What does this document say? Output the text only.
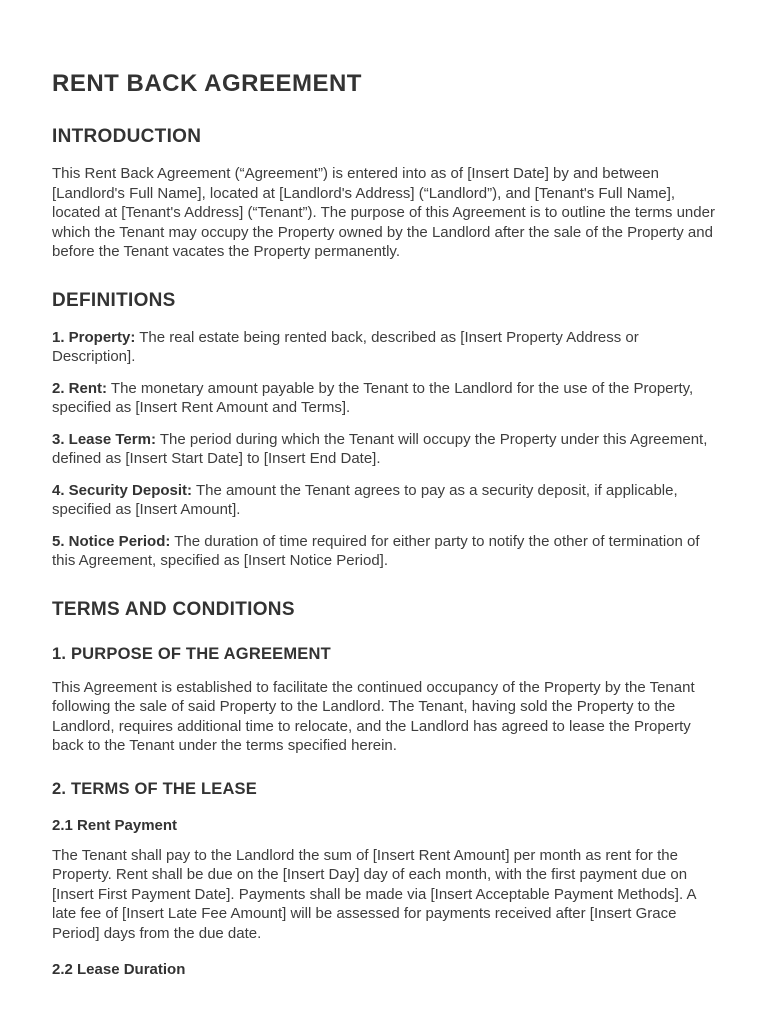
RENT BACK AGREEMENT
INTRODUCTION

This Rent Back Agreement (“Agreement”) is entered into as of [Insert Date] by and between [Landlord's Full Name], located at [Landlord's Address] (“Landlord”), and [Tenant's Full Name], located at [Tenant's Address] (“Tenant”). The purpose of this Agreement is to outline the terms under which the Tenant may occupy the Property owned by the Landlord after the sale of the Property and before the Tenant vacates the Property permanently.

DEFINITIONS

1. Property: The real estate being rented back, described as [Insert Property Address or Description].

2. Rent: The monetary amount payable by the Tenant to the Landlord for the use of the Property, specified as [Insert Rent Amount and Terms].

3. Lease Term: The period during which the Tenant will occupy the Property under this Agreement, defined as [Insert Start Date] to [Insert End Date].

4. Security Deposit: The amount the Tenant agrees to pay as a security deposit, if applicable, specified as [Insert Amount].

5. Notice Period: The duration of time required for either party to notify the other of termination of this Agreement, specified as [Insert Notice Period].

TERMS AND CONDITIONS
1. PURPOSE OF THE AGREEMENT

This Agreement is established to facilitate the continued occupancy of the Property by the Tenant following the sale of said Property to the Landlord. The Tenant, having sold the Property to the Landlord, requires additional time to relocate, and the Landlord has agreed to lease the Property back to the Tenant under the terms specified herein.

2. TERMS OF THE LEASE
2.1 Rent Payment

The Tenant shall pay to the Landlord the sum of [Insert Rent Amount] per month as rent for the Property. Rent shall be due on the [Insert Day] day of each month, with the first payment due on [Insert First Payment Date]. Payments shall be made via [Insert Acceptable Payment Methods]. A late fee of [Insert Late Fee Amount] will be assessed for payments received after [Insert Grace Period] days from the due date.

2.2 Lease Duration
